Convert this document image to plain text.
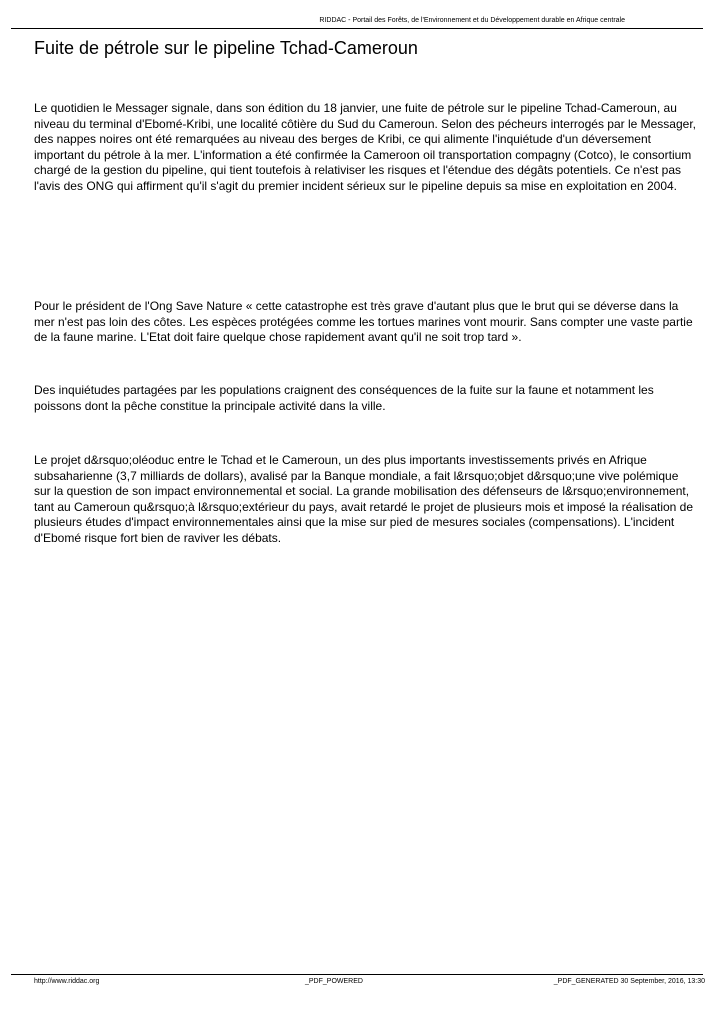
RIDDAC - Portail des Forêts, de l'Environnement et du Développement durable en Afrique centrale
Fuite de pétrole sur le pipeline Tchad-Cameroun

Le quotidien le Messager signale, dans son édition du 18 janvier, une fuite de pétrole sur le pipeline Tchad-Cameroun, au niveau du terminal d'Ebomé-Kribi, une localité côtière du Sud du Cameroun. Selon des pécheurs interrogés par le Messager, des nappes noires ont été remarquées au niveau des berges de Kribi, ce qui alimente l'inquiétude d'un déversement important du pétrole à la mer. L'information a été confirmée la Cameroon oil transportation compagny (Cotco), le consortium chargé de la gestion du pipeline, qui tient toutefois à relativiser les risques et l'étendue des dégâts potentiels. Ce n'est pas l'avis des ONG qui affirment qu'il s'agit du premier incident sérieux sur le pipeline depuis sa mise en exploitation en 2004.

Pour le président de l'Ong Save Nature « cette catastrophe est très grave d'autant plus que le brut qui se déverse dans la mer n'est pas loin des côtes. Les espèces protégées comme les tortues marines vont mourir. Sans compter une vaste partie de la faune marine. L'Etat doit faire quelque chose rapidement avant qu'il ne soit trop tard ».

Des inquiétudes partagées par les populations craignent des conséquences de la fuite sur la faune et notamment les poissons dont la pêche constitue la principale activité dans la ville.

Le projet d&rsquo;oléoduc entre le Tchad et le Cameroun, un des plus importants investissements privés en Afrique subsaharienne (3,7 milliards de dollars), avalisé par la Banque mondiale, a fait l&rsquo;objet d&rsquo;une vive polémique sur la question de son impact environnemental et social. La grande mobilisation des défenseurs de l&rsquo;environnement, tant au Cameroun qu&rsquo;à l&rsquo;extérieur du pays, avait retardé le projet de plusieurs mois et imposé la réalisation de plusieurs études d'impact environnementales ainsi que la mise sur pied de mesures sociales (compensations). L'incident d'Ebomé risque fort bien de raviver les débats.

http://www.riddac.org	_PDF_POWERED	_PDF_GENERATED 30 September, 2016, 13:30
